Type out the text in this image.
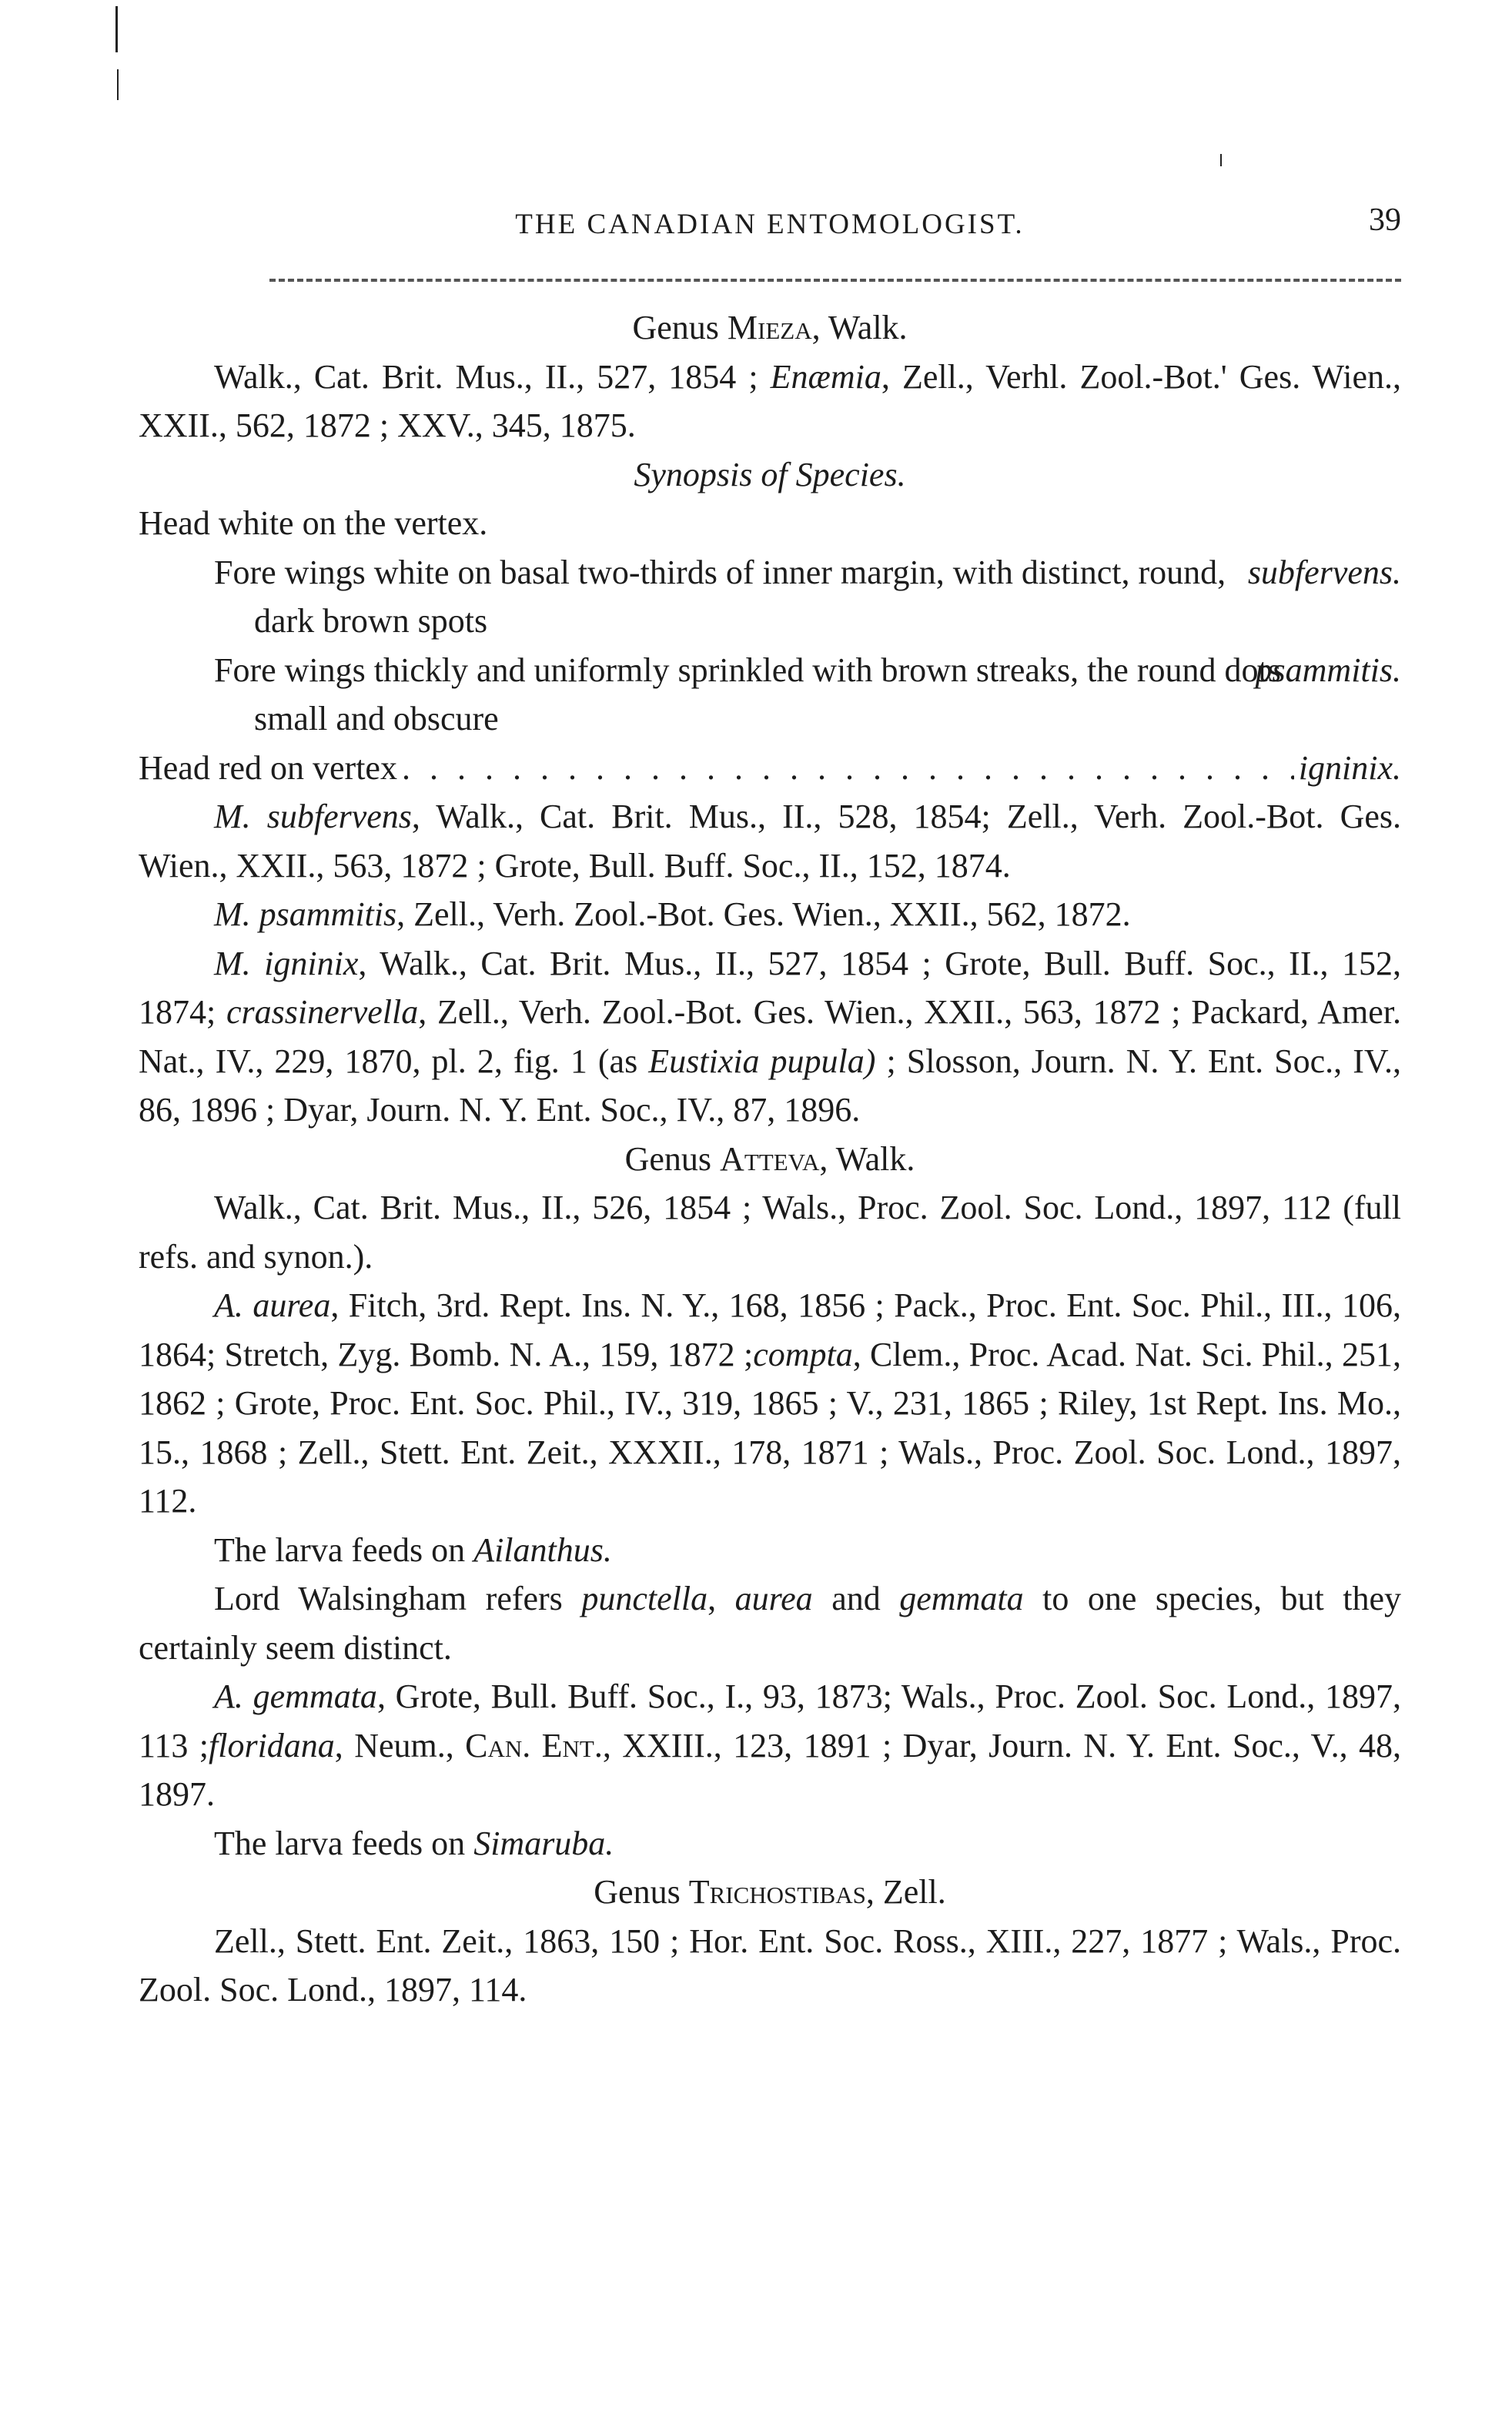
THE CANADIAN ENTOMOLOGIST.	39

Genus Mieza, Walk.

Walk., Cat. Brit. Mus., II., 527, 1854 ; Enæmia, Zell., Verhl. Zool.-Bot.' Ges. Wien., XXII., 562, 1872 ; XXV., 345, 1875.

Synopsis of Species.

Head white on the vertex.

Fore wings white on basal two-thirds of inner margin, with distinct, round, dark brown spots
subfervens.
Fore wings thickly and uniformly sprinkled with brown streaks, the round dots small and obscure
psammitis.
Head red on vertex
. . .	igninix.

M. subfervens, Walk., Cat. Brit. Mus., II., 528, 1854; Zell., Verh. Zool.-Bot. Ges. Wien., XXII., 563, 1872 ; Grote, Bull. Buff. Soc., II., 152, 1874.

M. psammitis, Zell., Verh. Zool.-Bot. Ges. Wien., XXII., 562, 1872.

M. igninix, Walk., Cat. Brit. Mus., II., 527, 1854 ; Grote, Bull. Buff. Soc., II., 152, 1874; crassinervella, Zell., Verh. Zool.-Bot. Ges. Wien., XXII., 563, 1872 ; Packard, Amer. Nat., IV., 229, 1870, pl. 2, fig. 1 (as Eustixia pupula) ; Slosson, Journ. N. Y. Ent. Soc., IV., 86, 1896 ; Dyar, Journ. N. Y. Ent. Soc., IV., 87, 1896.

Genus Atteva, Walk.

Walk., Cat. Brit. Mus., II., 526, 1854 ; Wals., Proc. Zool. Soc. Lond., 1897, 112 (full refs. and synon.).

A. aurea, Fitch, 3rd. Rept. Ins. N. Y., 168, 1856 ; Pack., Proc. Ent. Soc. Phil., III., 106, 1864; Stretch, Zyg. Bomb. N. A., 159, 1872 ;compta, Clem., Proc. Acad. Nat. Sci. Phil., 251, 1862 ; Grote, Proc. Ent. Soc. Phil., IV., 319, 1865 ; V., 231, 1865 ; Riley, 1st Rept. Ins. Mo., 15., 1868 ; Zell., Stett. Ent. Zeit., XXXII., 178, 1871 ; Wals., Proc. Zool. Soc. Lond., 1897, 112.

The larva feeds on Ailanthus.

Lord Walsingham refers punctella, aurea and gemmata to one species, but they certainly seem distinct.

A. gemmata, Grote, Bull. Buff. Soc., I., 93, 1873; Wals., Proc. Zool. Soc. Lond., 1897, 113 ;floridana, Neum., Can. Ent., XXIII., 123, 1891 ; Dyar, Journ. N. Y. Ent. Soc., V., 48, 1897.

The larva feeds on Simaruba.

Genus Trichostibas, Zell.

Zell., Stett. Ent. Zeit., 1863, 150 ; Hor. Ent. Soc. Ross., XIII., 227, 1877 ; Wals., Proc. Zool. Soc. Lond., 1897, 114.
